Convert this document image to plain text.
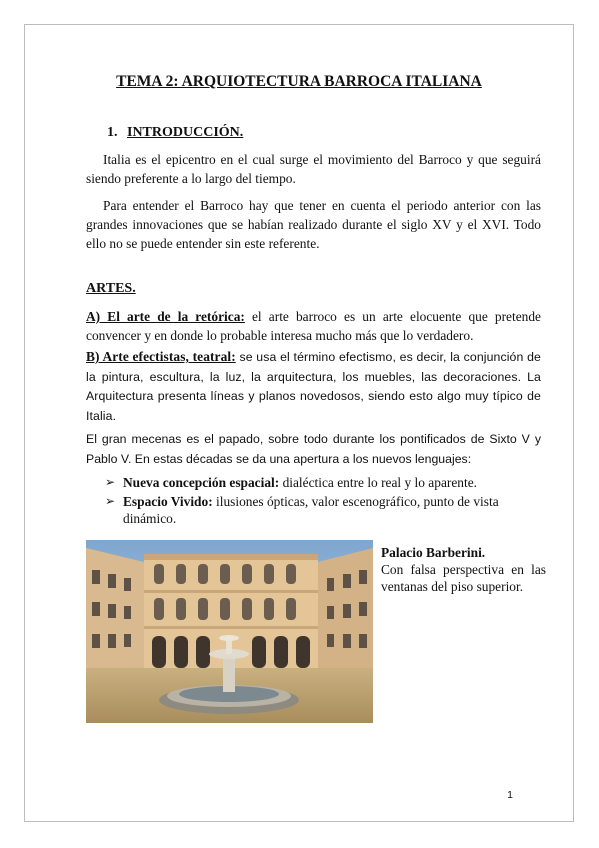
TEMA 2: ARQUIOTECTURA BARROCA ITALIANA
1. INTRODUCCIÓN.

Italia es el epicentro en el cual surge el movimiento del Barroco y que seguirá siendo preferente a lo largo del tiempo.

Para entender el Barroco hay que tener en cuenta el periodo anterior con las grandes innovaciones que se habían realizado durante el siglo XV y el XVI. Todo ello no se puede entender sin este referente.

ARTES.

A) El arte de la retórica: el arte barroco es un arte elocuente que pretende convencer y en donde lo probable interesa mucho más que lo verdadero.

B) Arte efectistas, teatral: se usa el término efectismo, es decir, la conjunción de la pintura, escultura, la luz, la arquitectura, los muebles, las decoraciones. La Arquitectura presenta líneas y planos novedosos, siendo esto algo muy típico de Italia.

El gran mecenas es el papado, sobre todo durante los pontificados de Sixto V y Pablo V. En estas décadas se da una apertura a los nuevos lenguajes:

➢ Nueva concepción espacial: dialéctica entre lo real y lo aparente.
➢ Espacio Vivido: ilusiones ópticas, valor escenográfico, punto de vista dinámico.
Palacio Barberini.
Con falsa perspectiva en las ventanas del piso superior.
1
